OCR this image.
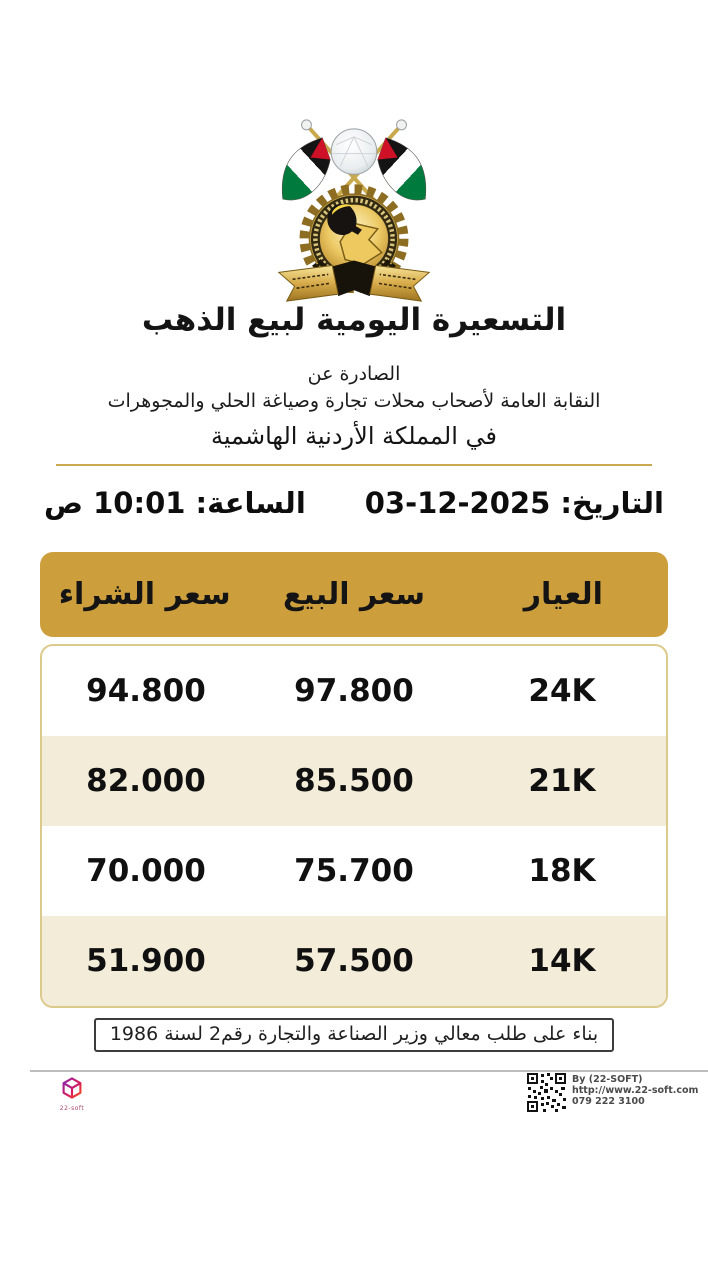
التسعيرة اليومية لبيع الذهب
الصادرة عن
النقابة العامة لأصحاب محلات تجارة وصياغة الحلي والمجوهرات
في المملكة الأردنية الهاشمية
التاريخ: 03-12-2025
الساعة: 10:01 ص
العيار
سعر البيع
سعر الشراء
24K
97.800
94.800
21K
85.500
82.000
18K
75.700
70.000
14K
57.500
51.900
بناء على طلب معالي وزير الصناعة والتجارة رقم2 لسنة 1986
22-soft
By (22-SOFT)
http://www.22-soft.com
079 222 3100
